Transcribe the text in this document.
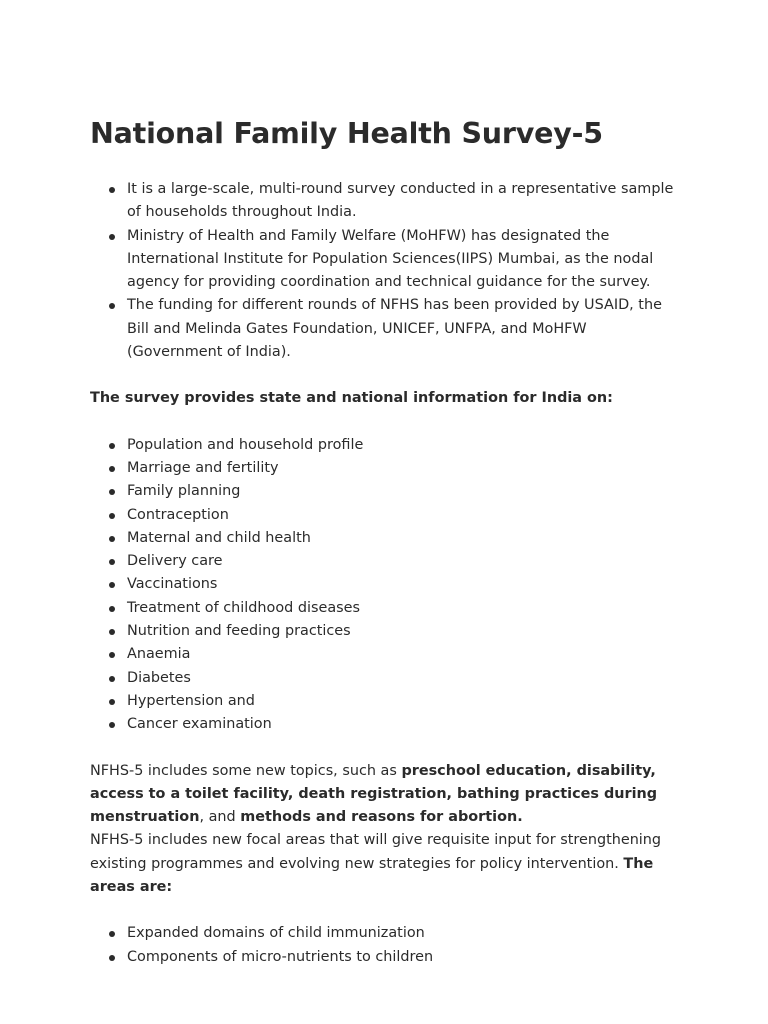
National Family Health Survey-5
It is a large-scale, multi-round survey conducted in a representative sample of households throughout India.
Ministry of Health and Family Welfare (MoHFW) has designated the International Institute for Population Sciences(IIPS) Mumbai, as the nodal agency for providing coordination and technical guidance for the survey.
The funding for different rounds of NFHS has been provided by USAID, the Bill and Melinda Gates Foundation, UNICEF, UNFPA, and MoHFW (Government of India).

The survey provides state and national information for India on:

Population and household profile
Marriage and fertility
Family planning
Contraception
Maternal and child health
Delivery care
Vaccinations
Treatment of childhood diseases
Nutrition and feeding practices
Anaemia
Diabetes
Hypertension and
Cancer examination

NFHS-5 includes some new topics, such as preschool education, disability, access to a toilet facility, death registration, bathing practices during menstruation, and methods and reasons for abortion.

NFHS-5 includes new focal areas that will give requisite input for strengthening existing programmes and evolving new strategies for policy intervention. The areas are:

Expanded domains of child immunization
Components of micro-nutrients to children
